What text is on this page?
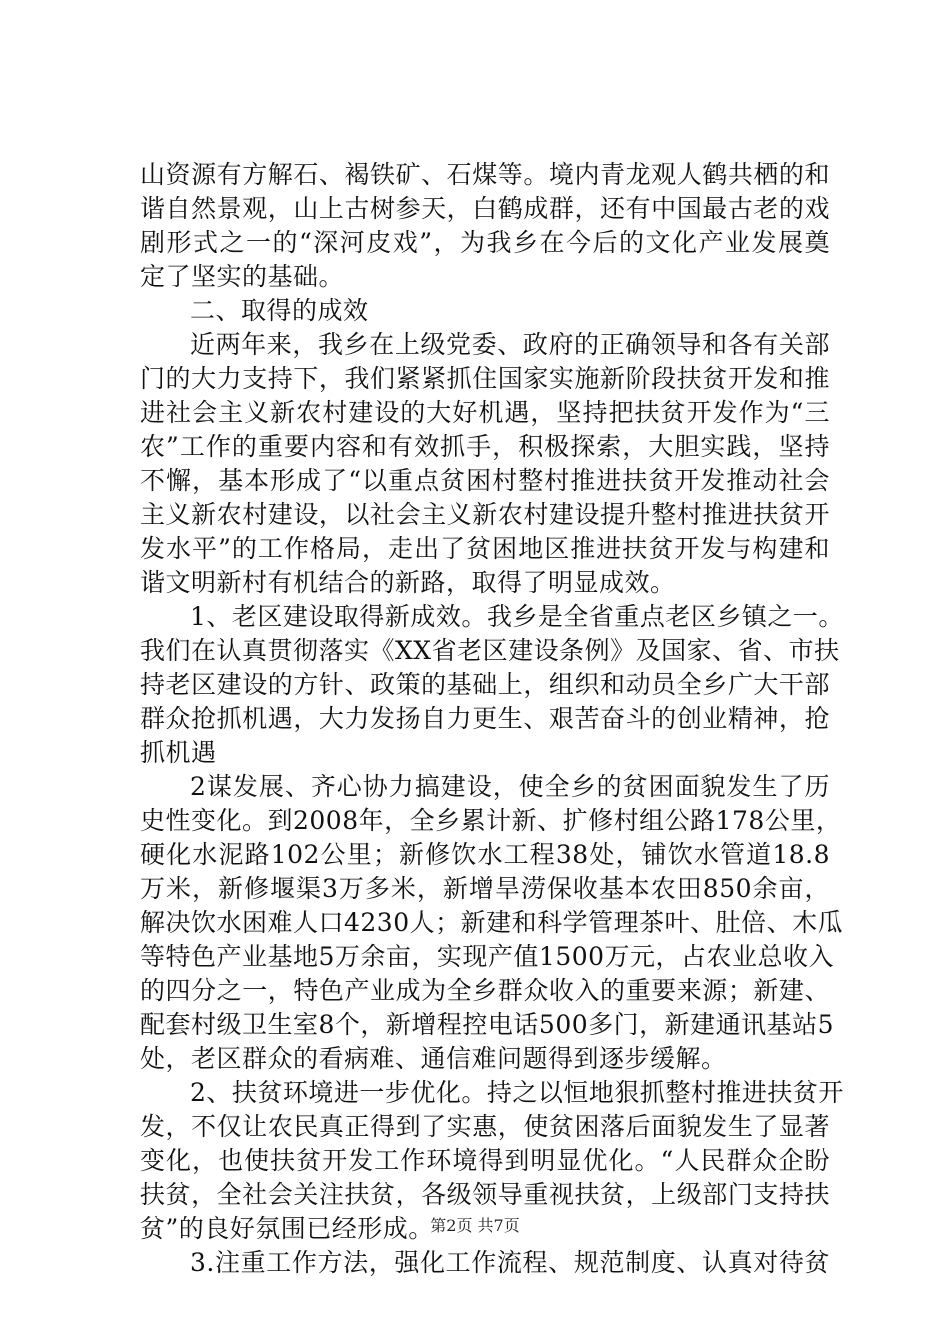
山资源有方解石、褐铁矿、石煤等。境内青龙观人鹤共栖的和
谐自然景观，山上古树参天，白鹤成群，还有中国最古老的戏
剧形式之一的“深河皮戏”，为我乡在今后的文化产业发展奠
定了坚实的基础。
二、取得的成效
近两年来，我乡在上级党委、政府的正确领导和各有关部
门的大力支持下，我们紧紧抓住国家实施新阶段扶贫开发和推
进社会主义新农村建设的大好机遇，坚持把扶贫开发作为“三
农”工作的重要内容和有效抓手，积极探索，大胆实践，坚持
不懈，基本形成了“以重点贫困村整村推进扶贫开发推动社会
主义新农村建设，以社会主义新农村建设提升整村推进扶贫开
发水平”的工作格局，走出了贫困地区推进扶贫开发与构建和
谐文明新村有机结合的新路，取得了明显成效。
1、老区建设取得新成效。我乡是全省重点老区乡镇之一。
我们在认真贯彻落实《XX省老区建设条例》及国家、省、市扶
持老区建设的方针、政策的基础上，组织和动员全乡广大干部
群众抢抓机遇，大力发扬自力更生、艰苦奋斗的创业精神，抢
抓机遇
2谋发展、齐心协力搞建设，使全乡的贫困面貌发生了历
史性变化。到2008年，全乡累计新、扩修村组公路178公里，
硬化水泥路102公里；新修饮水工程38处，铺饮水管道18.8
万米，新修堰渠3万多米，新增旱涝保收基本农田850余亩，
解决饮水困难人口4230人；新建和科学管理茶叶、肚倍、木瓜
等特色产业基地5万余亩，实现产值1500万元，占农业总收入
的四分之一，特色产业成为全乡群众收入的重要来源；新建、
配套村级卫生室8个，新增程控电话500多门，新建通讯基站5
处，老区群众的看病难、通信难问题得到逐步缓解。
2、扶贫环境进一步优化。持之以恒地狠抓整村推进扶贫开
发，不仅让农民真正得到了实惠，使贫困落后面貌发生了显著
变化，也使扶贫开发工作环境得到明显优化。“人民群众企盼
扶贫，全社会关注扶贫，各级领导重视扶贫，上级部门支持扶
贫”的良好氛围已经形成。
3.注重工作方法，强化工作流程、规范制度、认真对待贫
第2页 共7页
